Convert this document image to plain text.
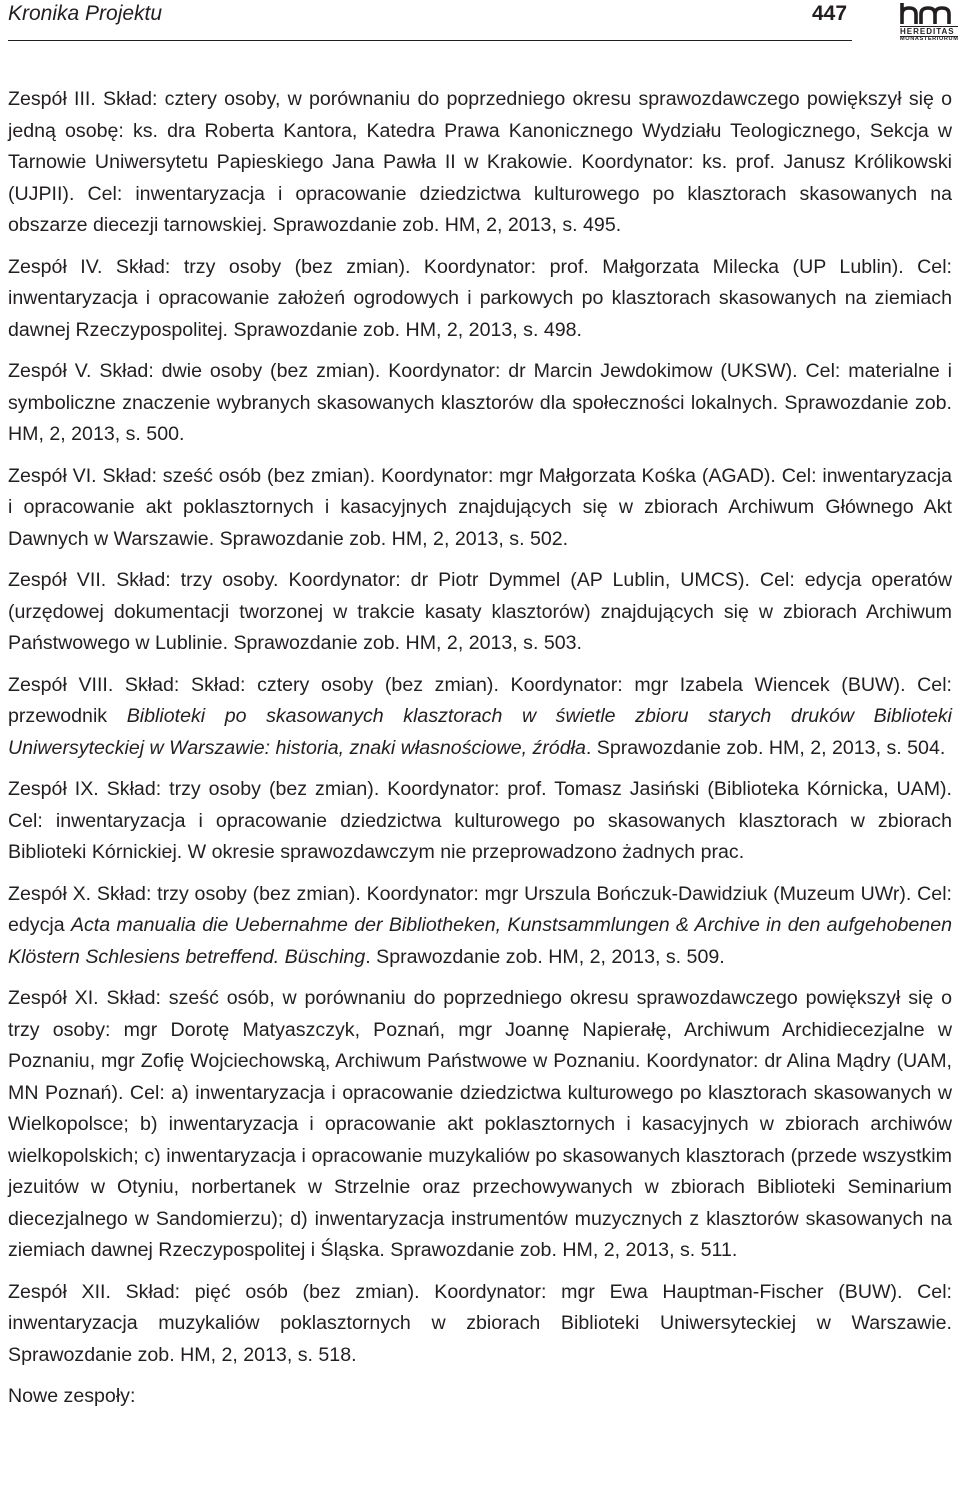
Kronika Projektu	447
HEREDITAS
MONASTERIORUM

Zespół III. Skład: cztery osoby, w porównaniu do poprzedniego okresu sprawozdawczego powiększył się o jedną osobę: ks. dra Roberta Kantora, Katedra Prawa Kanonicznego Wydziału Teologicznego, Sekcja w Tarnowie Uniwersytetu Papieskiego Jana Pawła II w Krakowie. Koordynator: ks. prof. Janusz Królikowski (UJPII). Cel: inwentaryzacja i opracowanie dziedzictwa kulturowego po klasztorach skasowanych na obszarze diecezji tarnowskiej. Sprawozdanie zob. HM, 2, 2013, s. 495.

Zespół IV. Skład: trzy osoby (bez zmian). Koordynator: prof. Małgorzata Milecka (UP Lublin). Cel: inwentaryzacja i opracowanie założeń ogrodowych i parkowych po klasztorach skasowanych na ziemiach dawnej Rzeczypospolitej. Sprawozdanie zob. HM, 2, 2013, s. 498.

Zespół V. Skład: dwie osoby (bez zmian). Koordynator: dr Marcin Jewdokimow (UKSW). Cel: materialne i symboliczne znaczenie wybranych skasowanych klasztorów dla społeczności lokalnych. Sprawozdanie zob. HM, 2, 2013, s. 500.

Zespół VI. Skład: sześć osób (bez zmian). Koordynator: mgr Małgorzata Kośka (AGAD). Cel: inwentaryzacja i opracowanie akt poklasztornych i kasacyjnych znajdujących się w zbiorach Archiwum Głównego Akt Dawnych w Warszawie. Sprawozdanie zob. HM, 2, 2013, s. 502.

Zespół VII. Skład: trzy osoby. Koordynator: dr Piotr Dymmel (AP Lublin, UMCS). Cel: edycja operatów (urzędowej dokumentacji tworzonej w trakcie kasaty klasztorów) znajdujących się w zbiorach Archiwum Państwowego w Lublinie. Sprawozdanie zob. HM, 2, 2013, s. 503.

Zespół VIII. Skład: Skład: cztery osoby (bez zmian). Koordynator: mgr Izabela Wiencek (BUW). Cel: przewodnik Biblioteki po skasowanych klasztorach w świetle zbioru starych druków Biblioteki Uniwersyteckiej w Warszawie: historia, znaki własnościowe, źródła. Sprawozdanie zob. HM, 2, 2013, s. 504.

Zespół IX. Skład: trzy osoby (bez zmian). Koordynator: prof. Tomasz Jasiński (Biblioteka Kórnicka, UAM). Cel: inwentaryzacja i opracowanie dziedzictwa kulturowego po skasowanych klasztorach w zbiorach Biblioteki Kórnickiej. W okresie sprawozdawczym nie przeprowadzono żadnych prac.

Zespół X. Skład: trzy osoby (bez zmian). Koordynator: mgr Urszula Bończuk-Dawidziuk (Muzeum UWr). Cel: edycja Acta manualia die Uebernahme der Bibliotheken, Kunstsammlungen & Archive in den aufgehobenen Klöstern Schlesiens betreffend. Büsching. Sprawozdanie zob. HM, 2, 2013, s. 509.

Zespół XI. Skład: sześć osób, w porównaniu do poprzedniego okresu sprawozdawczego powiększył się o trzy osoby: mgr Dorotę Matyaszczyk, Poznań, mgr Joannę Napierałę, Archiwum Archidiecezjalne w Poznaniu, mgr Zofię Wojciechowską, Archiwum Państwowe w Poznaniu. Koordynator: dr Alina Mądry (UAM, MN Poznań). Cel: a) inwentaryzacja i opracowanie dziedzictwa kulturowego po klasztorach skasowanych w Wielkopolsce; b) inwentaryzacja i opracowanie akt poklasztornych i kasacyjnych w zbiorach archiwów wielkopolskich; c) inwentaryzacja i opracowanie muzykaliów po skasowanych klasztorach (przede wszystkim jezuitów w Otyniu, norbertanek w Strzelnie oraz przechowywanych w zbiorach Biblioteki Seminarium diecezjalnego w Sandomierzu); d) inwentaryzacja instrumentów muzycznych z klasztorów skasowanych na ziemiach dawnej Rzeczypospolitej i Śląska. Sprawozdanie zob. HM, 2, 2013, s. 511.

Zespół XII. Skład: pięć osób (bez zmian). Koordynator: mgr Ewa Hauptman-Fischer (BUW). Cel: inwentaryzacja muzykaliów poklasztornych w zbiorach Biblioteki Uniwersyteckiej w Warszawie. Sprawozdanie zob. HM, 2, 2013, s. 518.

Nowe zespoły:
